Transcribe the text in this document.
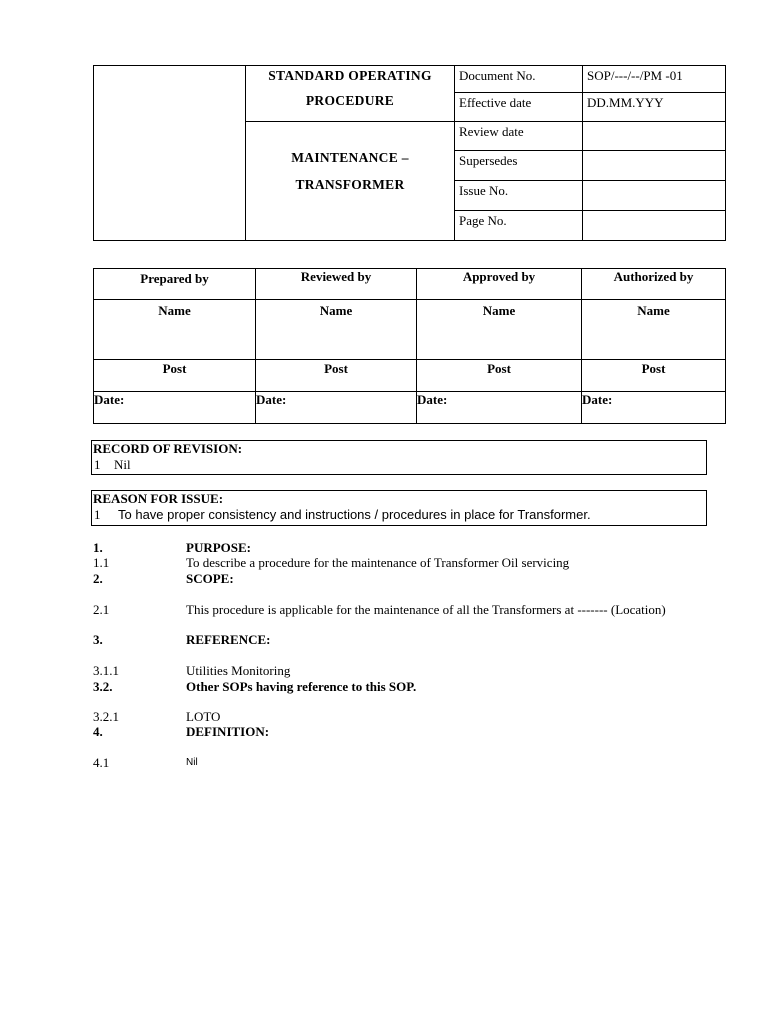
	STANDARD OPERATING
PROCEDURE	Document No.	SOP/---/--/PM -01
		Effective date	DD.MM.YYY

	MAINTENANCE –
TRANSFORMER	Review date	
		Supersedes	
		Issue No.	
		Page No.	
Prepared by	Reviewed by	Approved by	Authorized by
Name	Name	Name	Name
Post	Post	Post	Post
Date:	Date:	Date:	Date:
RECORD OF REVISION:
1 Nil
REASON FOR ISSUE:
1 To have proper consistency and instructions / procedures in place for Transformer.
1.	PURPOSE:
1.1	To describe a procedure for the maintenance of Transformer Oil servicing
2.	SCOPE:
2.1	This procedure is applicable for the maintenance of all the Transformers at ------- (Location)
3.	REFERENCE:
3.1.1	Utilities Monitoring
3.2.	Other SOPs having reference to this SOP.
3.2.1	LOTO
4.	DEFINITION:
4.1	Nil
